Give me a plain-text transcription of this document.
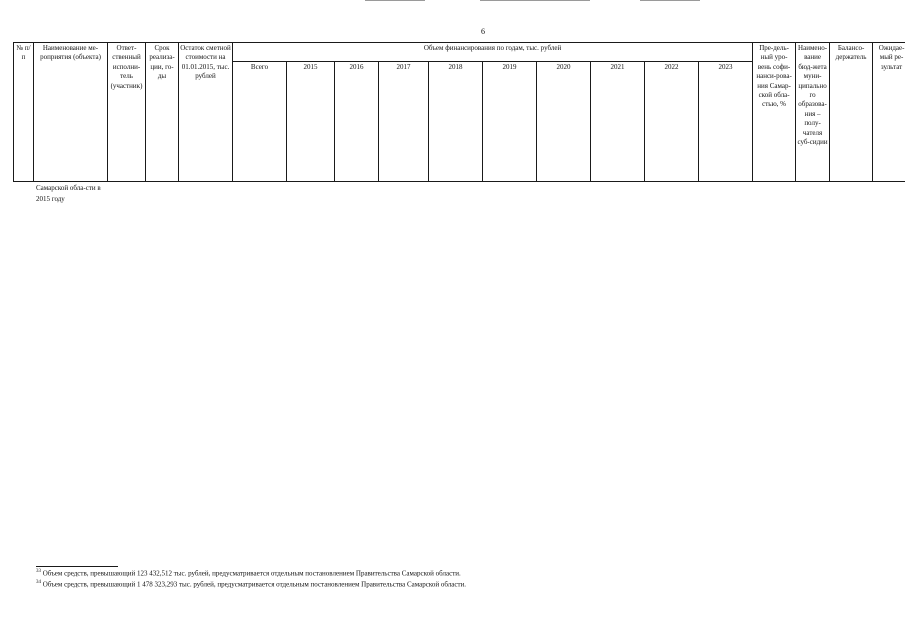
6
№ п/п	Наименование ме-роприятия (объекта)	Ответ-ственный исполни-тель (участник)	Срок реализа-ции, го-ды	Остаток сметной стоимости на 01.01.2015, тыс. рублей	Объем финансирования по годам, тыс. рублей										Пре-дель-ный уро-вень софи-нанси-рова-ния Самар-ской обла-стью, %	Наимено-вание бюд-жета муни-ципального образова-ния – полу-чателя суб-сидии	Балансо-держатель	Ожидае-мый ре-зультат
					Всего	2015	2016	2017	2018	2019	2020	2021	2022	2023				
Самарской обла-сти в 2015 году
$^{33}$ Объем средств, превышающий 123 432,512 тыс. рублей, предусматривается отдельным постановлением Правительства Самарской области.
$^{34}$ Объем средств, превышающий 1 478 323,293 тыс. рублей, предусматривается отдельным постановлением Правительства Самарской области.
